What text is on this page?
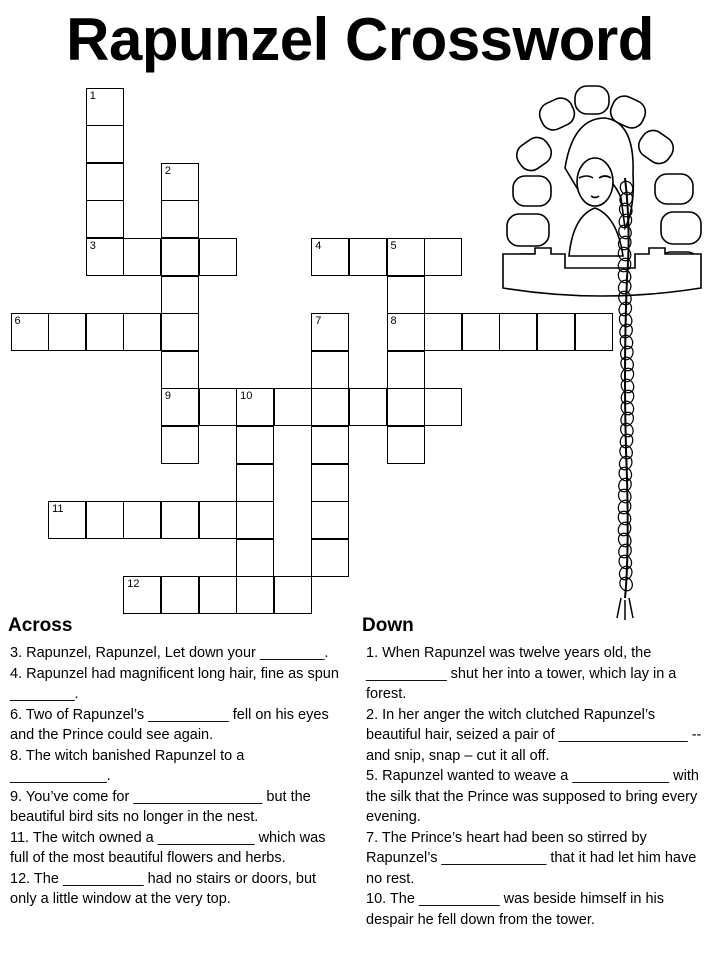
Rapunzel Crossword
1
3
2
9
4	5
8
6	7
10
11
12
Across

3. Rapunzel, Rapunzel, Let down your ________.

4. Rapunzel had magnificent long hair, fine as spun ________.

6. Two of Rapunzel’s __________ fell on his eyes and the Prince could see again.

8. The witch banished Rapunzel to a ____________.

9. You’ve come for ________________ but the beautiful bird sits no longer in the nest.

11. The witch owned a ____________ which was full of the most beautiful flowers and herbs.

12. The __________ had no stairs or doors, but only a little window at the very top.

Down

1. When Rapunzel was twelve years old, the __________ shut her into a tower, which lay in a forest.

2. In her anger the witch clutched Rapunzel’s beautiful hair, seized a pair of ________________ -- and snip, snap – cut it all off.

5. Rapunzel wanted to weave a ____________ with the silk that the Prince was supposed to bring every evening.

7. The Prince’s heart had been so stirred by Rapunzel’s _____________ that it had let him have no rest.

10. The __________ was beside himself in his despair he fell down from the tower.
